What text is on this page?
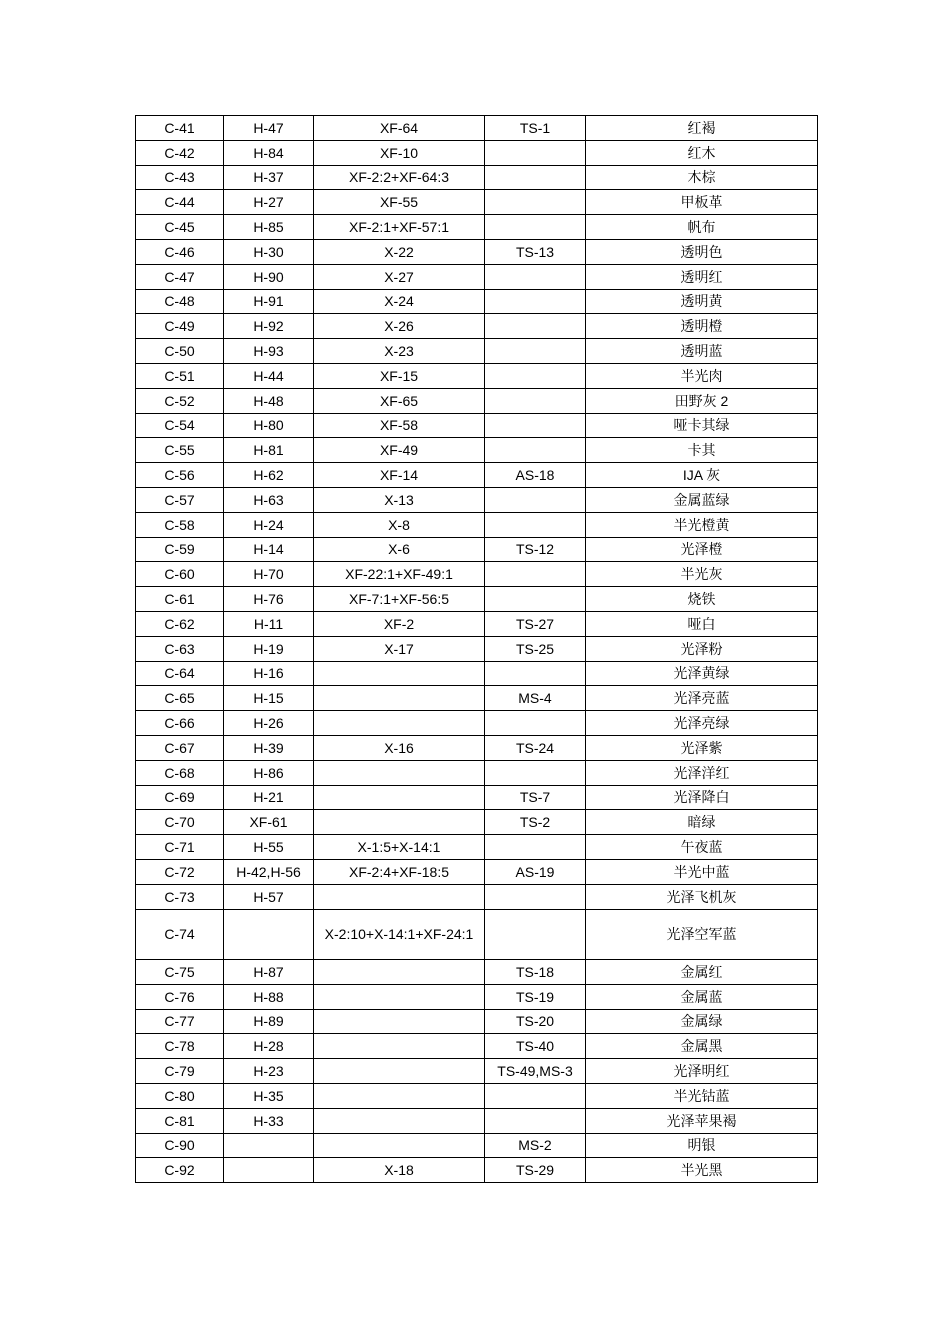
C-41	H-47	XF-64	TS-1	红褐
C-42	H-84	XF-10		红木
C-43	H-37	XF-2:2+XF-64:3		木棕
C-44	H-27	XF-55		甲板革
C-45	H-85	XF-2:1+XF-57:1		帆布
C-46	H-30	X-22	TS-13	透明色
C-47	H-90	X-27		透明红
C-48	H-91	X-24		透明黄
C-49	H-92	X-26		透明橙
C-50	H-93	X-23		透明蓝
C-51	H-44	XF-15		半光肉
C-52	H-48	XF-65		田野灰 2
C-54	H-80	XF-58		哑卡其绿
C-55	H-81	XF-49		卡其
C-56	H-62	XF-14	AS-18	IJA 灰
C-57	H-63	X-13		金属蓝绿
C-58	H-24	X-8		半光橙黄
C-59	H-14	X-6	TS-12	光泽橙
C-60	H-70	XF-22:1+XF-49:1		半光灰
C-61	H-76	XF-7:1+XF-56:5		烧铁
C-62	H-11	XF-2	TS-27	哑白
C-63	H-19	X-17	TS-25	光泽粉
C-64	H-16			光泽黄绿
C-65	H-15		MS-4	光泽亮蓝
C-66	H-26			光泽亮绿
C-67	H-39	X-16	TS-24	光泽紫
C-68	H-86			光泽洋红
C-69	H-21		TS-7	光泽降白
C-70	XF-61		TS-2	暗绿
C-71	H-55	X-1:5+X-14:1		午夜蓝
C-72	H-42,H-56	XF-2:4+XF-18:5	AS-19	半光中蓝
C-73	H-57			光泽飞机灰
C-74		X-2:10+X-14:1+XF-24:1		光泽空军蓝
C-75	H-87		TS-18	金属红
C-76	H-88		TS-19	金属蓝
C-77	H-89		TS-20	金属绿
C-78	H-28		TS-40	金属黑
C-79	H-23		TS-49,MS-3	光泽明红
C-80	H-35			半光钴蓝
C-81	H-33			光泽苹果褐
C-90			MS-2	明银
C-92		X-18	TS-29	半光黑
